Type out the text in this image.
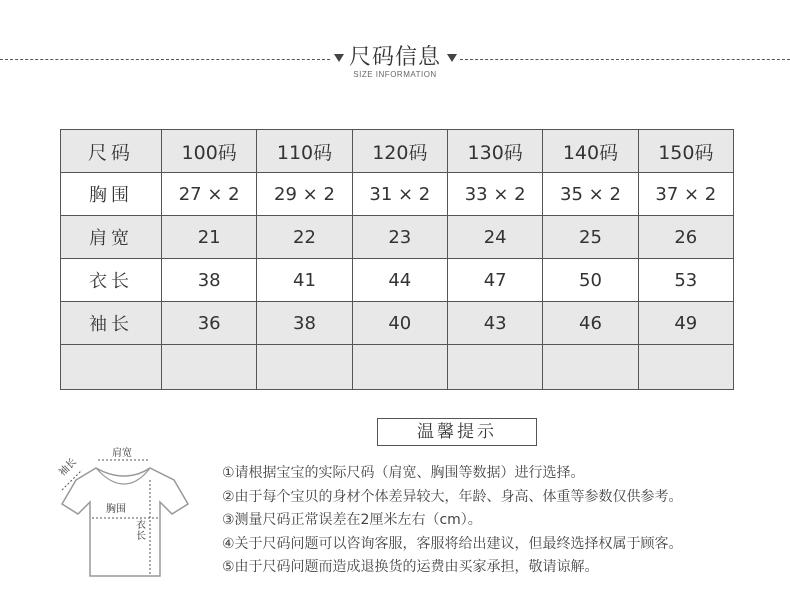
尺码信息
SIZE INFORMATION
尺码	100码	110码	120码	130码	140码	150码
胸围	27 × 2	29 × 2	31 × 2	33 × 2	35 × 2	37 × 2
肩宽	21	22	23	24	25	26
衣长	38	41	44	47	50	53
袖长	36	38	40	43	46	49

肩宽
袖长
胸围
衣长
温馨提示
①请根据宝宝的实际尺码（肩宽、胸围等数据）进行选择。
②由于每个宝贝的身材个体差异较大，年龄、身高、体重等参数仅供参考。
③测量尺码正常误差在2厘米左右（cm）。
④关于尺码问题可以咨询客服，客服将给出建议，但最终选择权属于顾客。
⑤由于尺码问题而造成退换货的运费由买家承担，敬请谅解。
